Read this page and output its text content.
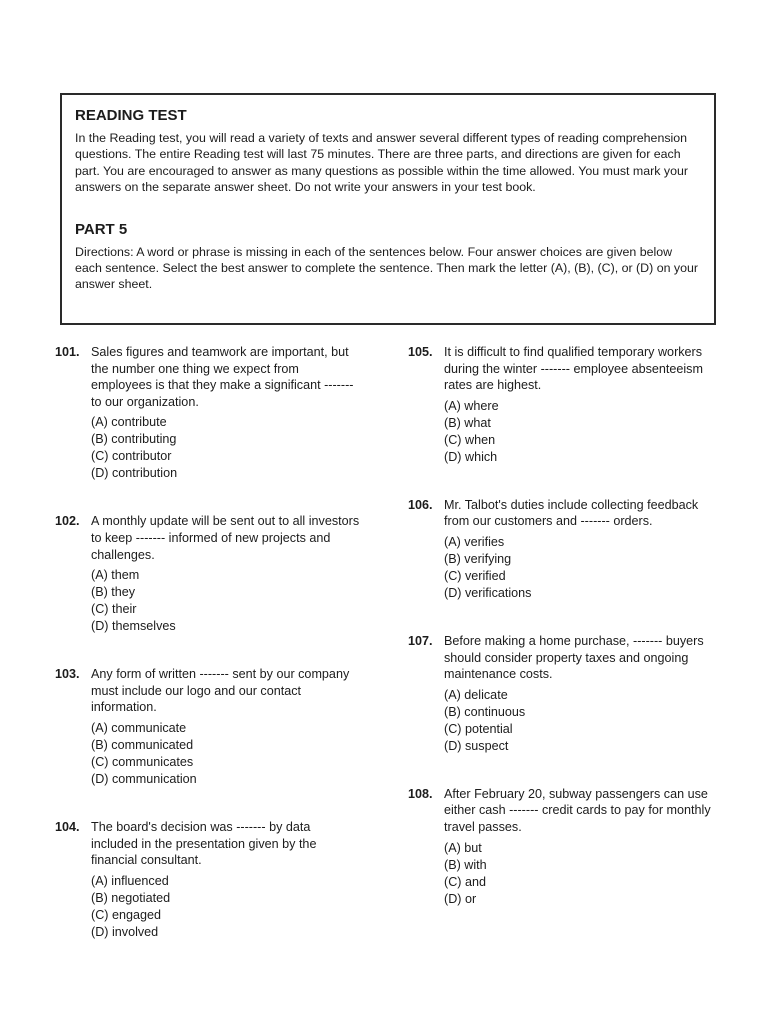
READING TEST

In the Reading test, you will read a variety of texts and answer several different types of reading comprehension questions. The entire Reading test will last 75 minutes. There are three parts, and directions are given for each part. You are encouraged to answer as many questions as possible within the time allowed. You must mark your answers on the separate answer sheet. Do not write your answers in your test book.

PART 5

Directions: A word or phrase is missing in each of the sentences below. Four answer choices are given below each sentence. Select the best answer to complete the sentence. Then mark the letter (A), (B), (C), or (D) on your answer sheet.

101. Sales figures and teamwork are important, but the number one thing we expect from employees is that they make a significant ------- to our organization.

(A) contribute
(B) contributing
(C) contributor
(D) contribution
102. A monthly update will be sent out to all investors to keep ------- informed of new projects and challenges.

(A) them
(B) they
(C) their
(D) themselves
103. Any form of written ------- sent by our company must include our logo and our contact information.

(A) communicate
(B) communicated
(C) communicates
(D) communication
104. The board's decision was ------- by data included in the presentation given by the financial consultant.

(A) influenced
(B) negotiated
(C) engaged
(D) involved
105. It is difficult to find qualified temporary workers during the winter ------- employee absenteeism rates are highest.

(A) where
(B) what
(C) when
(D) which
106. Mr. Talbot's duties include collecting feedback from our customers and ------- orders.

(A) verifies
(B) verifying
(C) verified
(D) verifications
107. Before making a home purchase, ------- buyers should consider property taxes and ongoing maintenance costs.

(A) delicate
(B) continuous
(C) potential
(D) suspect
108. After February 20, subway passengers can use either cash ------- credit cards to pay for monthly travel passes.

(A) but
(B) with
(C) and
(D) or
